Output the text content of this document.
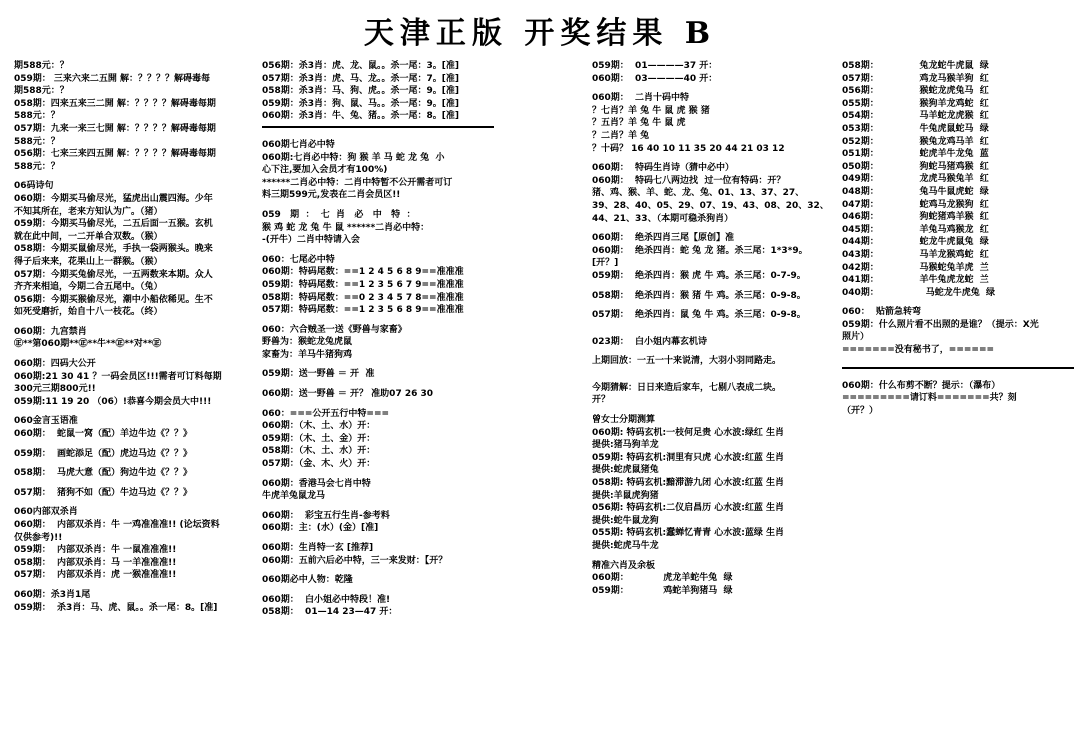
天津正版 开奖结果 B
期588元：？
059期： 三来六来二五開 解：？？？？解碍毒每
期588元：？
058期：四来五来三二開 解：？？？？解碍毒每期
588元：？
057期：九来一来三七開 解：？？？？解碍毒每期
588元：？
056期：七来三来四五開 解：？？？？解碍毒每期
588元：？
06码诗句
060期：今期买马偷尽光，猛虎出山震四海。少年
不知其所在，老来方知认为广。（猪）
059期：今期买马偷尽光，二五后面一五猴。玄机
就在此中间，一二开单合双数。（猴）
058期：今期买鼠偷尽光，手执一袋两猴头。晚来
得子后来来，花果山上一群猴。（猴）
057期：今期买兔偷尽光，一五两数来本期。众人
齐齐来相追，今期二合五尾中。（兔）
056期：今期买猴偷尽光，潮中小船依稀见。生不
如死受磨折，始自十八一枝花。（终）
060期：九宫禁肖
㊣**第060期**㊣**牛**㊣**对**㊣
060期：四码大公开
060期:21 30 41 ？一码会员区!!!需者可订料每期
300元三期800元!!
059期:11 19 20 （06）!恭喜今期会员大中!!!
060金言玉语准
060期：  蛇鼠一窝（配）羊边牛边《？？》
059期：  画蛇添足（配）虎边马边《？？》
058期：  马虎大意（配）狗边牛边《？？》
057期：  猪狗不如（配）牛边马边《？？》
060内部双杀肖
060期：  内部双杀肖：牛 一鸡准准准!! (论坛资料
仅供参考)!!
059期：  内部双杀肖：牛 一鼠准准准!!
058期：  内部双杀肖：马 一羊准准准!!
057期：  内部双杀肖：虎 一猴准准准!!
060期：杀3肖1尾
059期：  杀3肖：马、虎、鼠。。杀一尾：8。[准]
056期：杀3肖：虎、龙、鼠。。杀一尾：3。[准]
057期：杀3肖：虎、马、龙。。杀一尾：7。[准]
058期：杀3肖：马、狗、虎。。杀一尾：9。[准]
059期：杀3肖：狗、鼠、马。。杀一尾：9。[准]
060期：杀3肖：牛、兔、猪。。杀一尾：8。[准]
060期七肖必中特
060期:七肖必中特：狗 猴 羊 马 蛇 龙 兔  小
心下注,要加入会员才有100%)
******二肖必中特：二肖中特暂不公开需者可订
料三期599元,发表在二肖会员区!!
059   期  ：  七  肖   必   中   特  ：
猴 鸡 蛇 龙 兔 牛 鼠 ******二肖必中特：
-(开牛）二肖中特请入会
060：七尾必中特
060期：特码尾数：==1 2 4 5 6 8 9==准准准
059期：特码尾数：==1 2 3 5 6 7 9==准准准
058期：特码尾数：==0 2 3 4 5 7 8==准准准
057期：特码尾数：==1 2 3 5 6 8 9==准准准
060：六合贼圣一送《野兽与家畜》
野兽为：猴蛇龙兔虎鼠
家畜为：羊马牛猪狗鸡
059期：送一野兽 ＝ 开  准
060期：送一野兽 ＝ 开？ 准助07 26 30
060：===公开五行中特===
060期：（木、土、水）开：
059期：（木、土、金）开：
058期：（木、土、水）开：
057期：（金、木、火）开：
060期：香港马会七肖中特
牛虎羊兔鼠龙马
060期：  彩宝五行生肖-参考料
060期：主：(水）(金）[准]
060期：生肖特一玄 [推荐]
060期：五前六后必中特，三一来发财：【开？
060期必中人物：乾隆
060期：  白小姐必中特段！准!
058期：  01—14 23—47 开：
059期：  01————37 开：
060期：  03————40 开：
060期：  二肖十码中特
？七肖？羊 兔 牛 鼠 虎 猴 猪
？五肖？羊 兔 牛 鼠 虎
？二肖？羊 兔
？十码？ 16 40 10 11 35 20 44 21 03 12
060期：  特码生肖诗（猜中必中）
060期：  特码七八两边找  过一位有特码：开？
猪、鸡、猴、羊、蛇、龙、兔、01、13、37、27、
39、28、40、05、29、07、19、43、08、20、32、
44、21、33、（本期可稳杀狗肖）
060期：  绝杀四肖三尾【原创】准
060期：  绝杀四肖：蛇 兔 龙 猪。杀三尾：1*3*9。
[开？]
059期：  绝杀四肖：猴 虎 牛 鸡。杀三尾：0-7-9。
058期：  绝杀四肖：猴 猪 牛 鸡。杀三尾：0-9-8。
057期：  绝杀四肖：鼠 兔 牛 鸡。杀三尾：0-9-8。
023期：  白小姐内幕玄机诗
上期回放：一五一十来说清，大羽小羽同路走。
今期猜解：日日来造后家车，七剔八表成二块。
开？
曾女士分期测算
060期: 特码玄机:一枝何足贵 心水波:绿红 生肖
提供:猪马狗羊龙
059期: 特码玄机:洞里有只虎 心水波:红蓝 生肖
提供:蛇虎鼠猪兔
058期: 特码玄机:黯滞游九闭 心水波:红蓝 生肖
提供:羊鼠虎狗猪
056期: 特码玄机:二仪启昌历 心水波:红蓝 生肖
提供:蛇牛鼠龙狗
055期: 特码玄机:蠢蝉忆青青 心水波:蓝绿 生肖
提供:蛇虎马牛龙
精准六肖及余板
060期：           虎龙羊蛇牛兔  绿
059期：           鸡蛇羊狗猪马  绿
058期：             兔龙蛇牛虎鼠  绿
057期：             鸡龙马猴羊狗  红
056期：             猴蛇龙虎兔马  红
055期：             猴狗羊龙鸡蛇  红
054期：             马羊蛇龙虎猴  红
053期：             牛兔虎鼠蛇马  绿
052期：             猴兔龙鸡马羊  红
051期：             蛇虎羊牛龙兔  蓝
050期：             狗蛇马猪鸡猴  红
049期：             龙虎马猴兔羊  红
048期：             兔马牛鼠虎蛇  绿
047期：             蛇鸡马龙猴狗  红
046期：             狗蛇猪鸡羊猴  红
045期：             羊兔马鸡猴龙  红
044期：             蛇龙牛虎鼠兔  绿
043期：             马羊龙猴鸡蛇  红
042期：             马猴蛇兔羊虎  兰
041期：             羊牛兔虎龙蛇  兰
040期：               马蛇龙牛虎兔  绿
060：  贴箭急转弯
059期：什么照片看不出照的是谁？（提示：X光
照片）
=======没有秘书了，======
060期：什么布剪不断？提示：（瀑布）
=========请订料=======共？刻
（开？）
